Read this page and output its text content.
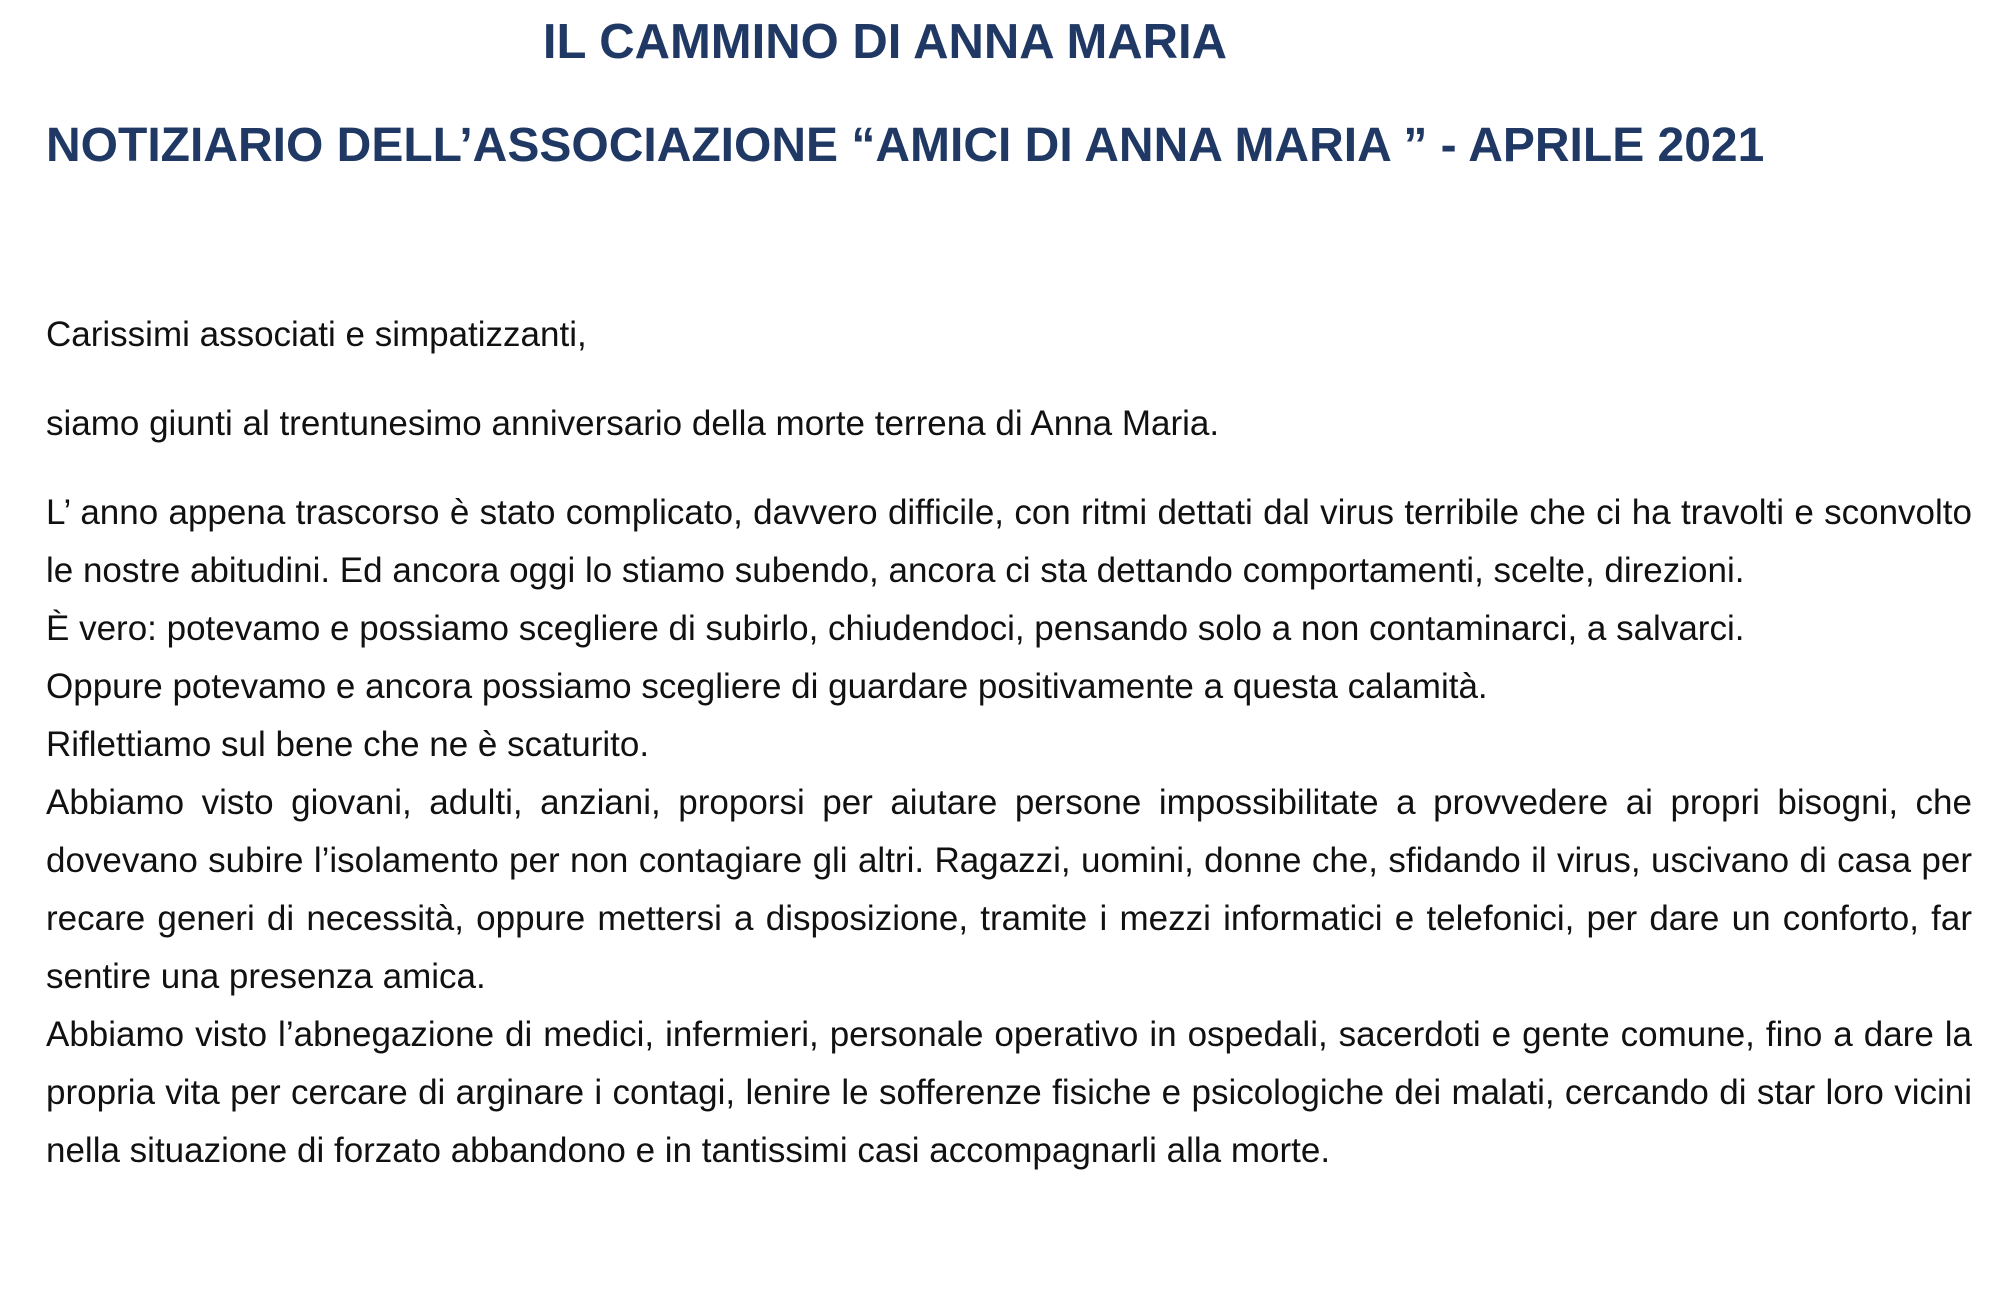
IL CAMMINO DI ANNA MARIA
NOTIZIARIO DELL’ASSOCIAZIONE “AMICI DI ANNA MARIA ” - APRILE 2021
Carissimi associati e simpatizzanti,
siamo giunti al trentunesimo anniversario della morte terrena di Anna Maria.

L’ anno appena trascorso è stato complicato, davvero difficile, con ritmi dettati dal virus terribile che ci ha travolti e sconvolto le nostre abitudini. Ed ancora oggi lo stiamo subendo, ancora ci sta dettando comportamenti, scelte, direzioni.

È vero: potevamo e possiamo scegliere di subirlo, chiudendoci, pensando solo a non contaminarci, a salvarci.

Oppure potevamo e ancora possiamo scegliere di guardare positivamente a questa calamità.

Riflettiamo sul bene che ne è scaturito.

Abbiamo visto giovani, adulti, anziani, proporsi per aiutare persone impossibilitate a provvedere ai propri bisogni, che dovevano subire l’isolamento per non contagiare gli altri. Ragazzi, uomini, donne che, sfidando il virus, uscivano di casa per recare generi di necessità, oppure mettersi a disposizione, tramite i mezzi informatici e telefonici, per dare un conforto, far sentire una presenza amica.

Abbiamo visto l’abnegazione di medici, infermieri, personale operativo in ospedali, sacerdoti e gente comune, fino a dare la propria vita per cercare di arginare i contagi, lenire le sofferenze fisiche e psicologiche dei malati, cercando di star loro vicini nella situazione di forzato abbandono e in tantissimi casi accompagnarli alla morte.
